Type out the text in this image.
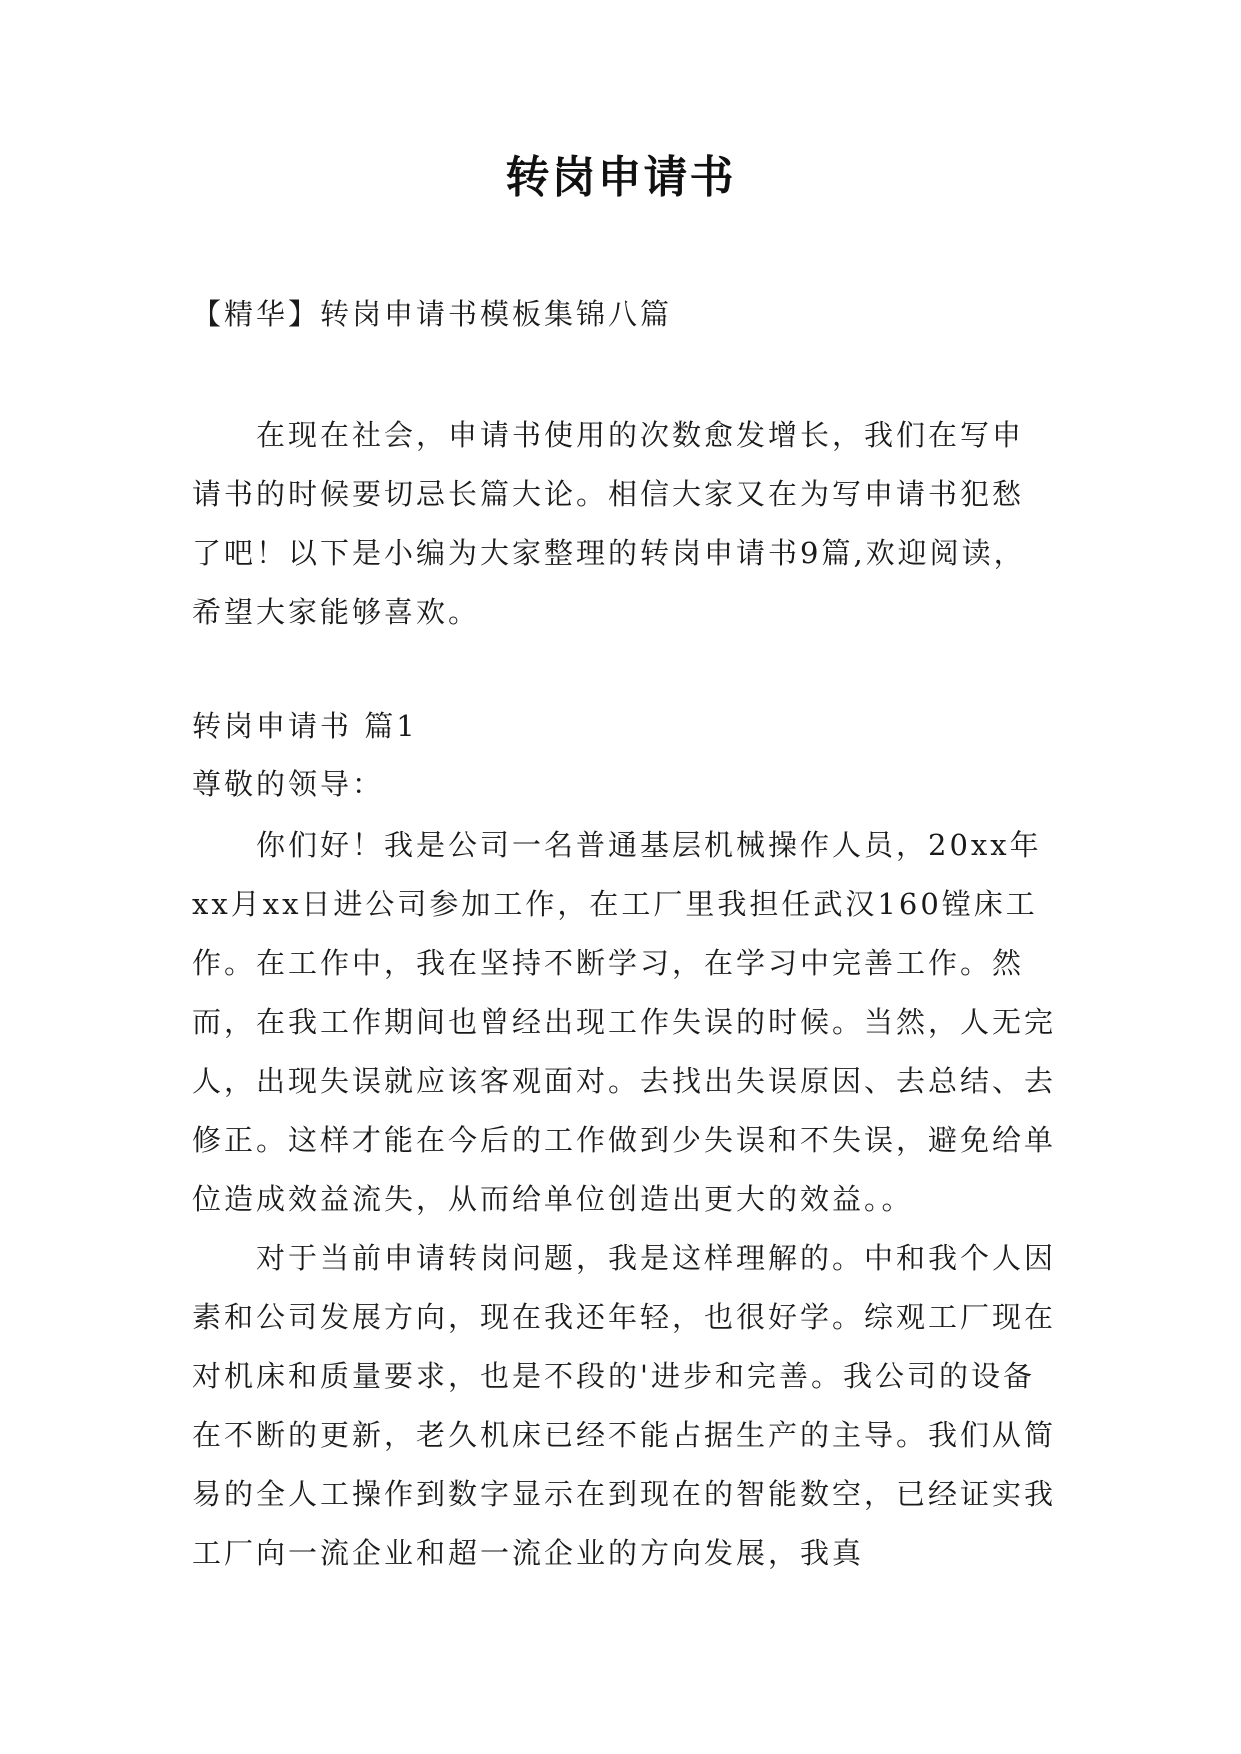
转岗申请书
【精华】转岗申请书模板集锦八篇

在现在社会，申请书使用的次数愈发增长，我们在写申请书的时候要切忌长篇大论。相信大家又在为写申请书犯愁了吧！以下是小编为大家整理的转岗申请书9篇,欢迎阅读，希望大家能够喜欢。

转岗申请书 篇1
尊敬的领导：

你们好！我是公司一名普通基层机械操作人员，20xx年xx月xx日进公司参加工作，在工厂里我担任武汉160镗床工作。在工作中，我在坚持不断学习，在学习中完善工作。然而，在我工作期间也曾经出现工作失误的时候。当然，人无完人，出现失误就应该客观面对。去找出失误原因、去总结、去修正。这样才能在今后的工作做到少失误和不失误，避免给单位造成效益流失，从而给单位创造出更大的效益。。

对于当前申请转岗问题，我是这样理解的。中和我个人因素和公司发展方向，现在我还年轻，也很好学。综观工厂现在对机床和质量要求，也是不段的'进步和完善。我公司的设备在不断的更新，老久机床已经不能占据生产的主导。我们从简易的全人工操作到数字显示在到现在的智能数空，已经证实我工厂向一流企业和超一流企业的方向发展，我真
